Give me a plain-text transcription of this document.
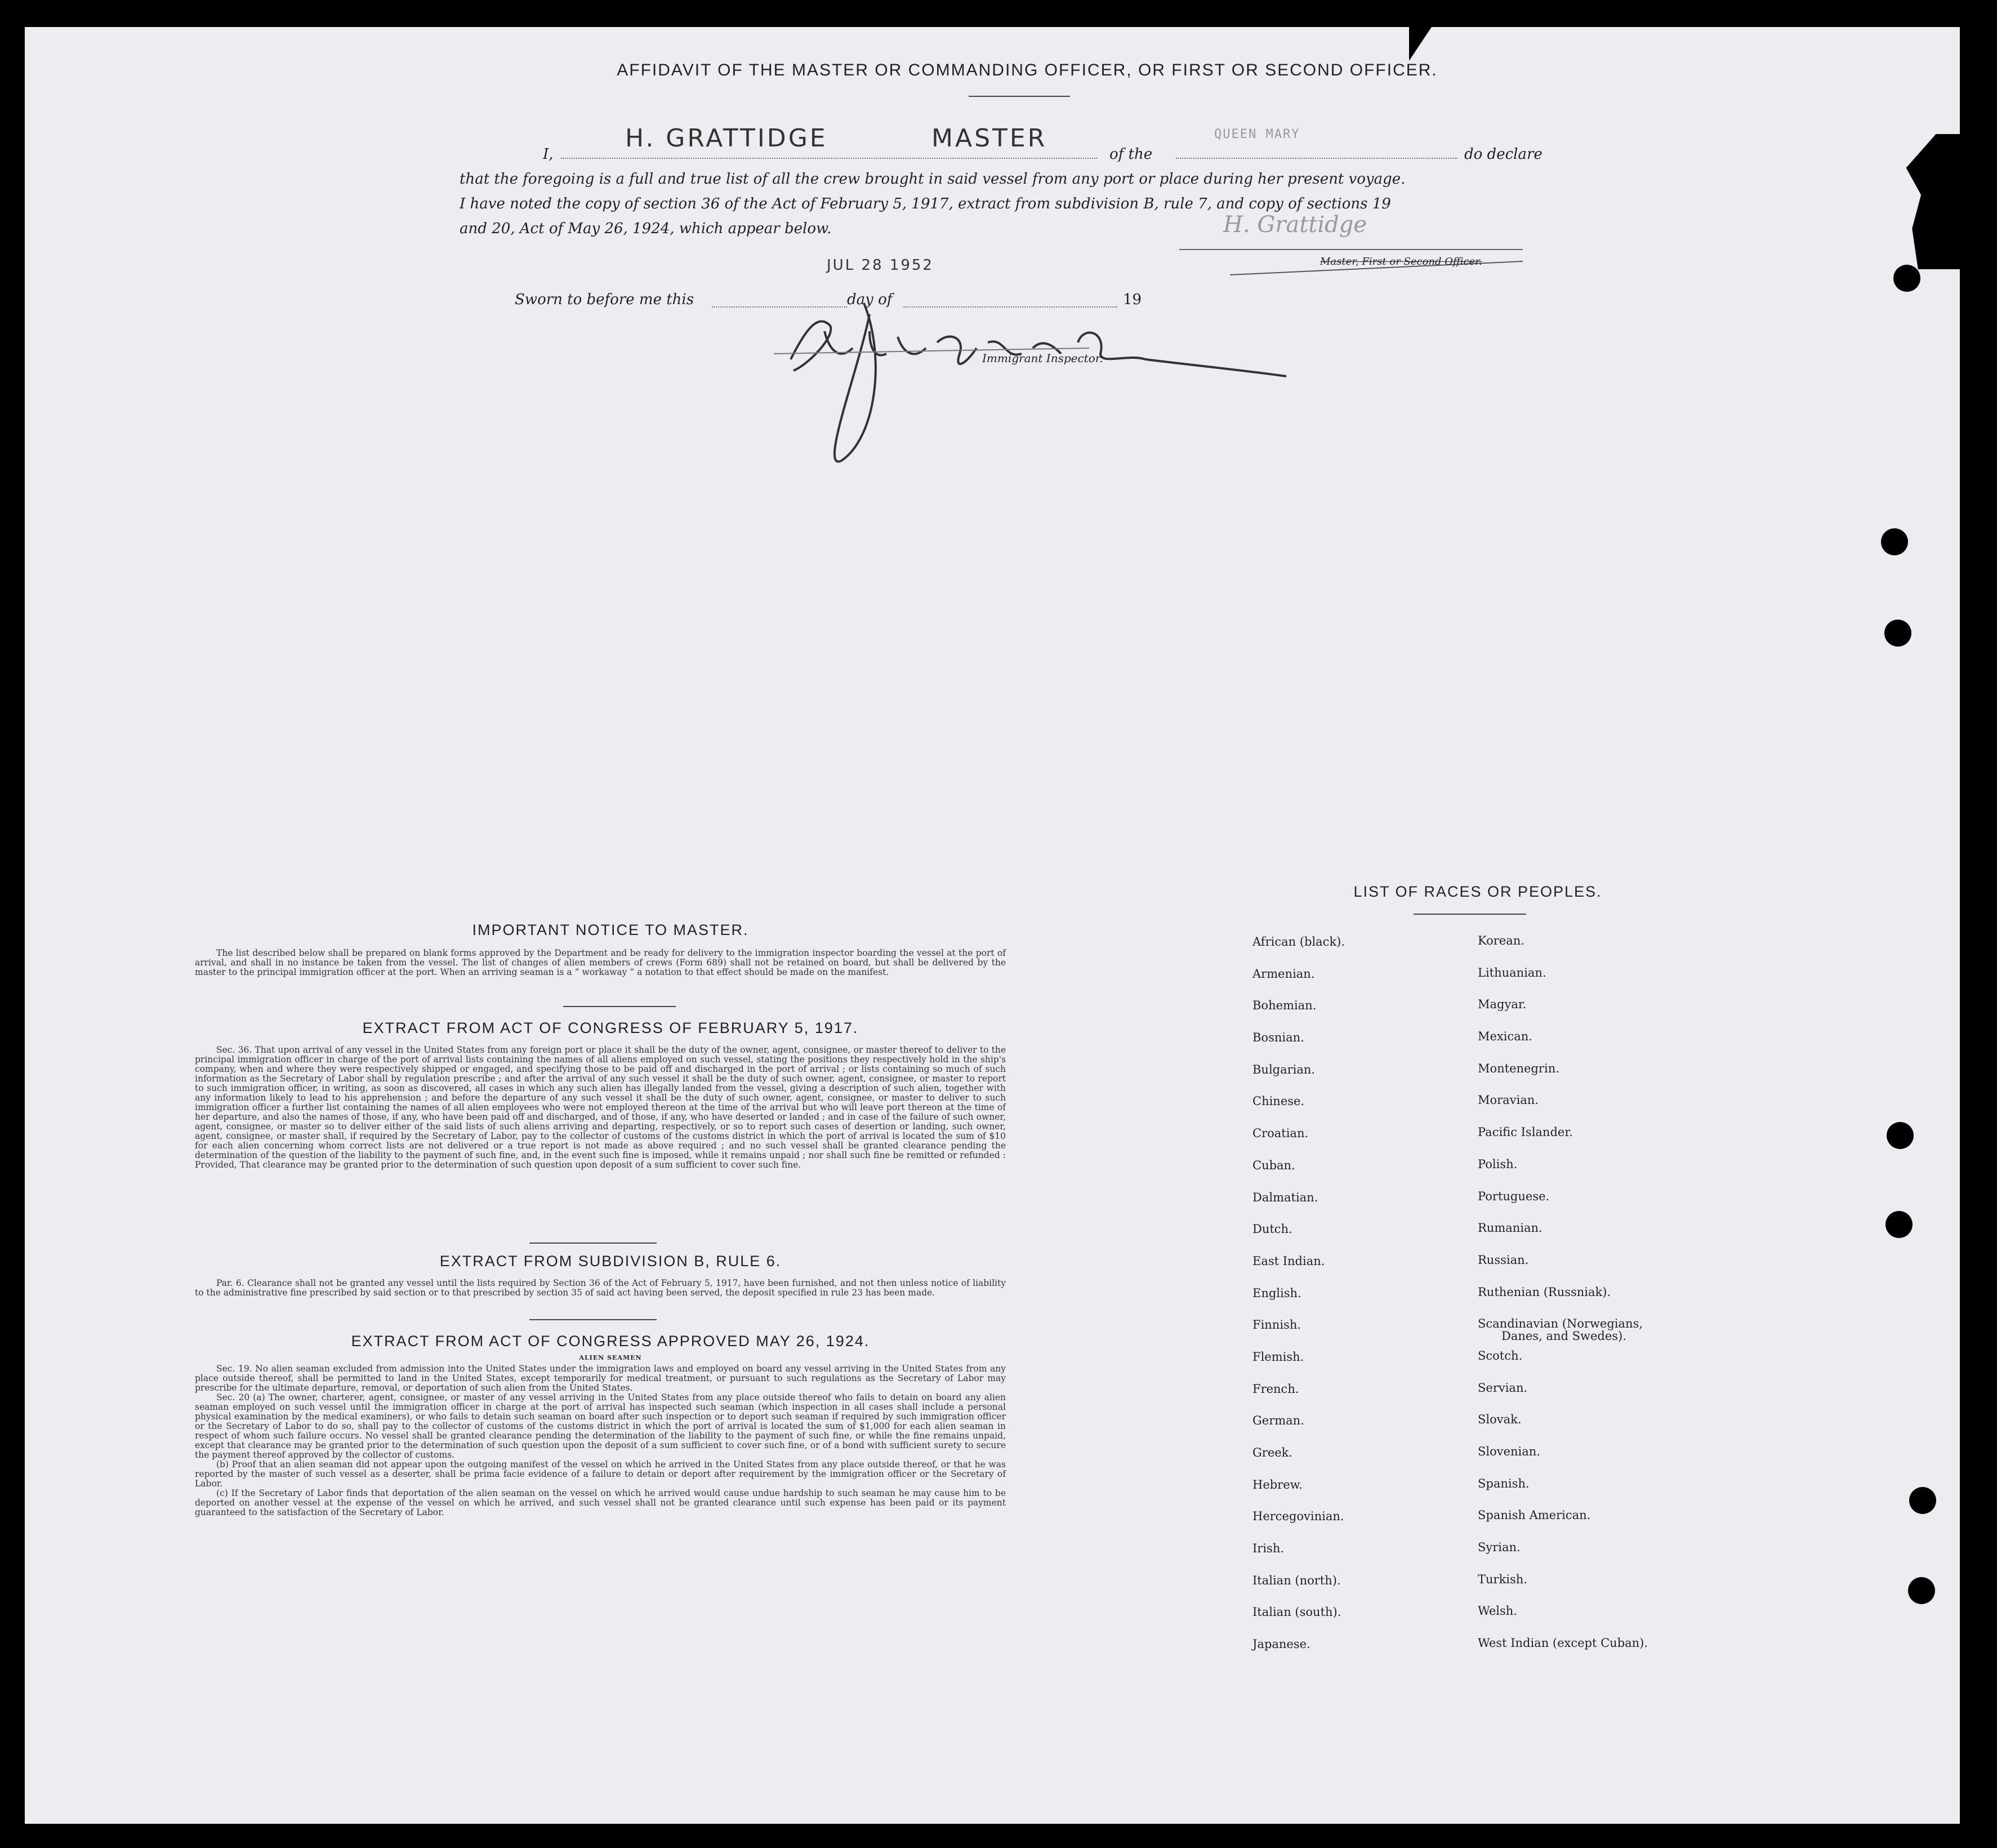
AFFIDAVIT OF THE MASTER OR COMMANDING OFFICER, OR FIRST OR SECOND OFFICER.
I,
H. GRATTIDGE	MASTER
of the
QUEEN MARY
do declare
that the foregoing is a full and true list of all the crew brought in said vessel from any port or place during her present voyage.
I have noted the copy of section 36 of the Act of February 5, 1917, extract from subdivision B, rule 7, and copy of sections 19
and 20, Act of May 26, 1924, which appear below.	H. Grattidge
Master, First or Second Officer.
JUL 28 1952
Sworn to before me this	day of	19
Immigrant Inspector.
IMPORTANT NOTICE TO MASTER.

The list described below shall be prepared on blank forms approved by the Department and be ready for delivery to the immigration inspector boarding the vessel at the port of arrival, and shall in no instance be taken from the vessel. The list of changes of alien members of crews (Form 689) shall not be retained on board, but shall be delivered by the master to the principal immigration officer at the port. When an arriving seaman is a “ workaway ” a notation to that effect should be made on the manifest.

EXTRACT FROM ACT OF CONGRESS OF FEBRUARY 5, 1917.

Sec. 36. That upon arrival of any vessel in the United States from any foreign port or place it shall be the duty of the owner, agent, consignee, or master thereof to deliver to the principal immigration officer in charge of the port of arrival lists containing the names of all aliens employed on such vessel, stating the positions they respectively hold in the ship's company, when and where they were respectively shipped or engaged, and specifying those to be paid off and discharged in the port of arrival ; or lists containing so much of such information as the Secretary of Labor shall by regulation prescribe ; and after the arrival of any such vessel it shall be the duty of such owner, agent, consignee, or master to report to such immigration officer, in writing, as soon as discovered, all cases in which any such alien has illegally landed from the vessel, giving a description of such alien, together with any information likely to lead to his apprehension ; and before the departure of any such vessel it shall be the duty of such owner, agent, consignee, or master to deliver to such immigration officer a further list containing the names of all alien employees who were not employed thereon at the time of the arrival but who will leave port thereon at the time of her departure, and also the names of those, if any, who have been paid off and discharged, and of those, if any, who have deserted or landed ; and in case of the failure of such owner, agent, consignee, or master so to deliver either of the said lists of such aliens arriving and departing, respectively, or so to report such cases of desertion or landing, such owner, agent, consignee, or master shall, if required by the Secretary of Labor, pay to the collector of customs of the customs district in which the port of arrival is located the sum of $10 for each alien concerning whom correct lists are not delivered or a true report is not made as above required ; and no such vessel shall be granted clearance pending the determination of the question of the liability to the payment of such fine, and, in the event such fine is imposed, while it remains unpaid ; nor shall such fine be remitted or refunded : Provided, That clearance may be granted prior to the determination of such question upon deposit of a sum sufficient to cover such fine.

EXTRACT FROM SUBDIVISION B, RULE 6.

Par. 6. Clearance shall not be granted any vessel until the lists required by Section 36 of the Act of February 5, 1917, have been furnished, and not then unless notice of liability to the administrative fine prescribed by said section or to that prescribed by section 35 of said act having been served, the deposit specified in rule 23 has been made.

EXTRACT FROM ACT OF CONGRESS APPROVED MAY 26, 1924.
ALIEN SEAMEN

Sec. 19. No alien seaman excluded from admission into the United States under the immigration laws and employed on board any vessel arriving in the United States from any place outside thereof, shall be permitted to land in the United States, except temporarily for medical treatment, or pursuant to such regulations as the Secretary of Labor may prescribe for the ultimate departure, removal, or deportation of such alien from the United States.

Sec. 20 (a) The owner, charterer, agent, consignee, or master of any vessel arriving in the United States from any place outside thereof who fails to detain on board any alien seaman employed on such vessel until the immigration officer in charge at the port of arrival has inspected such seaman (which inspection in all cases shall include a personal physical examination by the medical examiners), or who fails to detain such seaman on board after such inspection or to deport such seaman if required by such immigration officer or the Secretary of Labor to do so, shall pay to the collector of customs of the customs district in which the port of arrival is located the sum of $1,000 for each alien seaman in respect of whom such failure occurs. No vessel shall be granted clearance pending the determination of the liability to the payment of such fine, or while the fine remains unpaid, except that clearance may be granted prior to the determination of such question upon the deposit of a sum sufficient to cover such fine, or of a bond with sufficient surety to secure the payment thereof approved by the collector of customs.

(b) Proof that an alien seaman did not appear upon the outgoing manifest of the vessel on which he arrived in the United States from any place outside thereof, or that he was reported by the master of such vessel as a deserter, shall be prima facie evidence of a failure to detain or deport after requirement by the immigration officer or the Secretary of Labor.

(c) If the Secretary of Labor finds that deportation of the alien seaman on the vessel on which he arrived would cause undue hardship to such seaman he may cause him to be deported on another vessel at the expense of the vessel on which he arrived, and such vessel shall not be granted clearance until such expense has been paid or its payment guaranteed to the satisfaction of the Secretary of Labor.

LIST OF RACES OR PEOPLES.
African (black).
Armenian.
Bohemian.
Bosnian.
Bulgarian.
Chinese.
Croatian.
Cuban.
Dalmatian.
Dutch.
East Indian.
English.
Finnish.
Flemish.
French.
German.
Greek.
Hebrew.
Hercegovinian.
Irish.
Italian (north).
Italian (south).
Japanese.
Korean.
Lithuanian.
Magyar.
Mexican.
Montenegrin.
Moravian.
Pacific Islander.
Polish.
Portuguese.
Rumanian.
Russian.
Ruthenian (Russniak).
Scandinavian (Norwegians,
Danes, and Swedes).
Scotch.
Servian.
Slovak.
Slovenian.
Spanish.
Spanish American.
Syrian.
Turkish.
Welsh.
West Indian (except Cuban).
